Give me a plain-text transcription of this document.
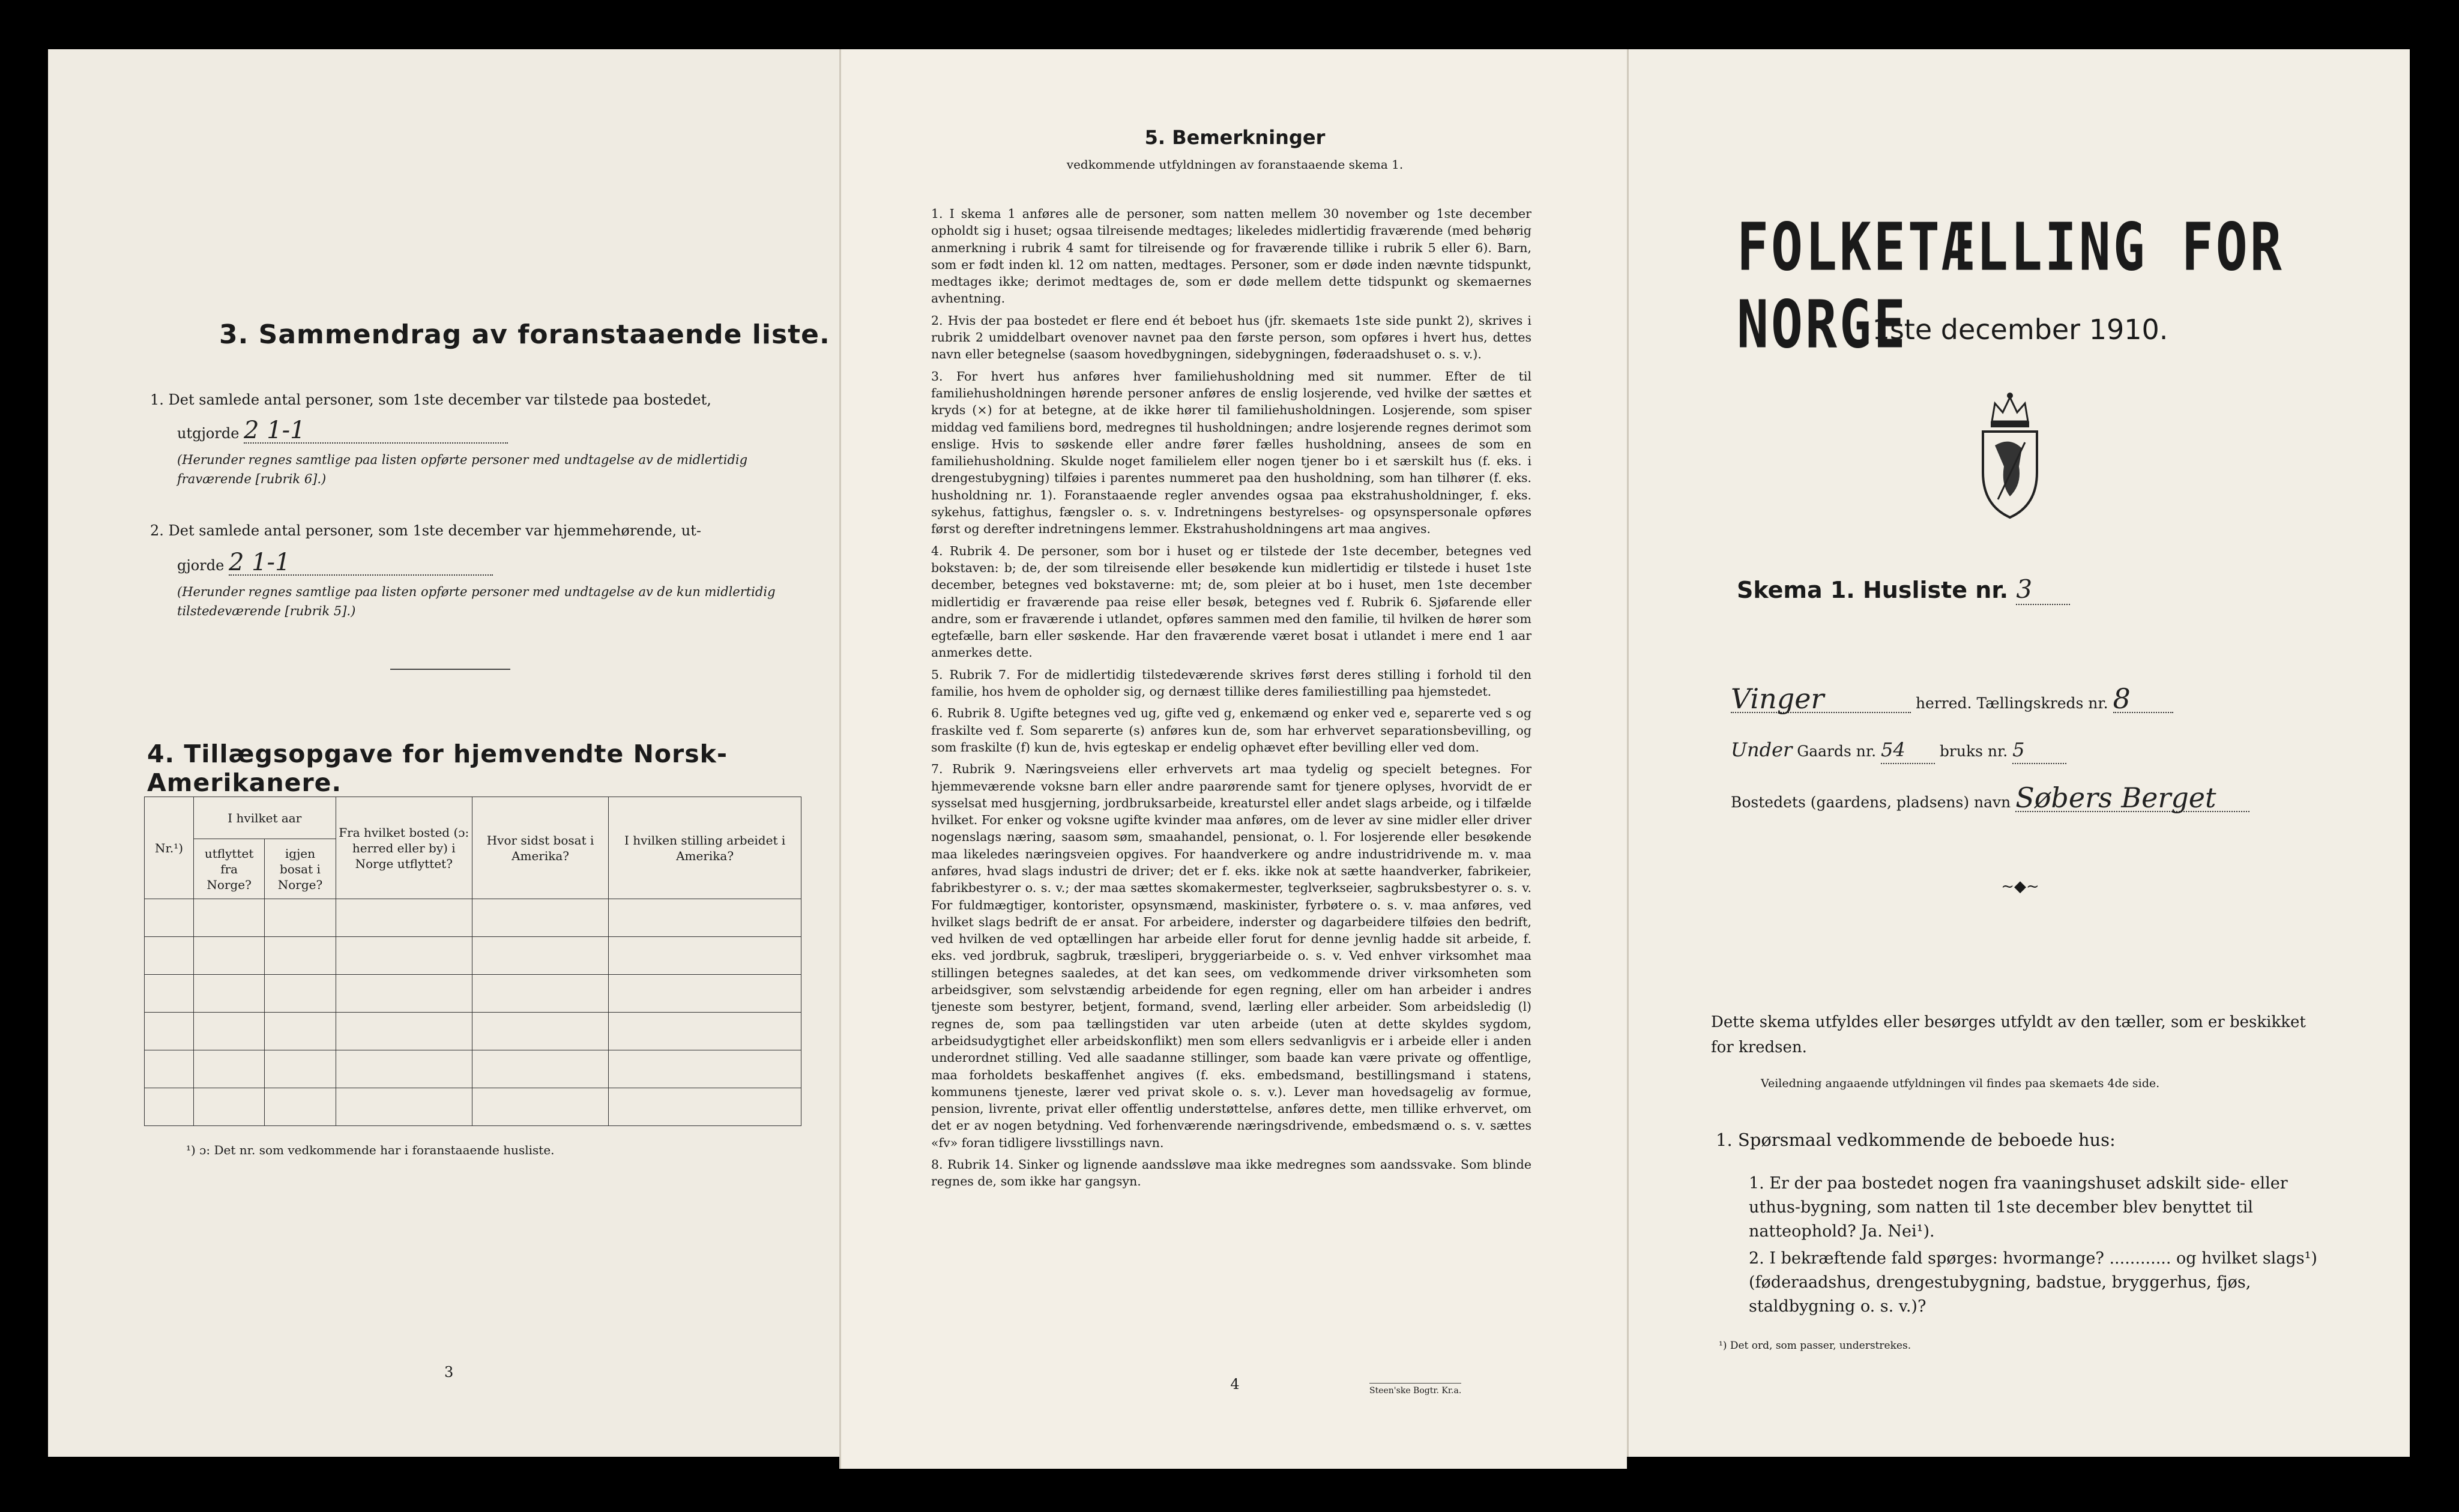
3. Sammendrag av foranstaaende liste.
1. Det samlede antal personer, som 1ste december var tilstede paa bostedet,
utgjorde 2 1-1
(Herunder regnes samtlige paa listen opførte personer med undtagelse av de midlertidig fraværende [rubrik 6].)
2. Det samlede antal personer, som 1ste december var hjemmehørende, ut-
gjorde 2 1-1
(Herunder regnes samtlige paa listen opførte personer med undtagelse av de kun midlertidig tilstedeværende [rubrik 5].)
4. Tillægsopgave for hjemvendte Norsk-Amerikanere.
Nr.¹)	I hvilket aar		Fra hvilket bosted (ɔ: herred eller by) i Norge utflyttet?	Hvor sidst bosat i Amerika?	I hvilken stilling arbeidet i Amerika?
	utflyttet fra Norge?	igjen bosat i Norge?			

¹) ɔ: Det nr. som vedkommende har i foranstaaende husliste.
3
5. Bemerkninger
vedkommende utfyldningen av foranstaaende skema 1.

1. I skema 1 anføres alle de personer, som natten mellem 30 november og 1ste december opholdt sig i huset; ogsaa tilreisende medtages; likeledes midlertidig fraværende (med behørig anmerkning i rubrik 4 samt for tilreisende og for fraværende tillike i rubrik 5 eller 6). Barn, som er født inden kl. 12 om natten, medtages. Personer, som er døde inden nævnte tidspunkt, medtages ikke; derimot medtages de, som er døde mellem dette tidspunkt og skemaernes avhentning.

2. Hvis der paa bostedet er flere end ét beboet hus (jfr. skemaets 1ste side punkt 2), skrives i rubrik 2 umiddelbart ovenover navnet paa den første person, som opføres i hvert hus, dettes navn eller betegnelse (saasom hovedbygningen, sidebygningen, føderaadshuset o. s. v.).

3. For hvert hus anføres hver familiehusholdning med sit nummer. Efter de til familiehusholdningen hørende personer anføres de enslig losjerende, ved hvilke der sættes et kryds (×) for at betegne, at de ikke hører til familiehusholdningen. Losjerende, som spiser middag ved familiens bord, medregnes til husholdningen; andre losjerende regnes derimot som enslige. Hvis to søskende eller andre fører fælles husholdning, ansees de som en familiehusholdning. Skulde noget familielem eller nogen tjener bo i et særskilt hus (f. eks. i drengestubygning) tilføies i parentes nummeret paa den husholdning, som han tilhører (f. eks. husholdning nr. 1). Foranstaaende regler anvendes ogsaa paa ekstrahusholdninger, f. eks. sykehus, fattighus, fængsler o. s. v. Indretningens bestyrelses- og opsynspersonale opføres først og derefter indretningens lemmer. Ekstrahusholdningens art maa angives.

4. Rubrik 4. De personer, som bor i huset og er tilstede der 1ste december, betegnes ved bokstaven: b; de, der som tilreisende eller besøkende kun midlertidig er tilstede i huset 1ste december, betegnes ved bokstaverne: mt; de, som pleier at bo i huset, men 1ste december midlertidig er fraværende paa reise eller besøk, betegnes ved f. Rubrik 6. Sjøfarende eller andre, som er fraværende i utlandet, opføres sammen med den familie, til hvilken de hører som egtefælle, barn eller søskende. Har den fraværende været bosat i utlandet i mere end 1 aar anmerkes dette.

5. Rubrik 7. For de midlertidig tilstedeværende skrives først deres stilling i forhold til den familie, hos hvem de opholder sig, og dernæst tillike deres familiestilling paa hjemstedet.

6. Rubrik 8. Ugifte betegnes ved ug, gifte ved g, enkemænd og enker ved e, separerte ved s og fraskilte ved f. Som separerte (s) anføres kun de, som har erhvervet separationsbevilling, og som fraskilte (f) kun de, hvis egteskap er endelig ophævet efter bevilling eller ved dom.

7. Rubrik 9. Næringsveiens eller erhvervets art maa tydelig og specielt betegnes. For hjemmeværende voksne barn eller andre paarørende samt for tjenere oplyses, hvorvidt de er sysselsat med husgjerning, jordbruksarbeide, kreaturstel eller andet slags arbeide, og i tilfælde hvilket. For enker og voksne ugifte kvinder maa anføres, om de lever av sine midler eller driver nogenslags næring, saasom søm, smaahandel, pensionat, o. l. For losjerende eller besøkende maa likeledes næringsveien opgives. For haandverkere og andre industridrivende m. v. maa anføres, hvad slags industri de driver; det er f. eks. ikke nok at sætte haandverker, fabrikeier, fabrikbestyrer o. s. v.; der maa sættes skomakermester, teglverkseier, sagbruksbestyrer o. s. v. For fuldmægtiger, kontorister, opsynsmænd, maskinister, fyrbøtere o. s. v. maa anføres, ved hvilket slags bedrift de er ansat. For arbeidere, inderster og dagarbeidere tilføies den bedrift, ved hvilken de ved optællingen har arbeide eller forut for denne jevnlig hadde sit arbeide, f. eks. ved jordbruk, sagbruk, træsliperi, bryggeriarbeide o. s. v. Ved enhver virksomhet maa stillingen betegnes saaledes, at det kan sees, om vedkommende driver virksomheten som arbeidsgiver, som selvstændig arbeidende for egen regning, eller om han arbeider i andres tjeneste som bestyrer, betjent, formand, svend, lærling eller arbeider. Som arbeidsledig (l) regnes de, som paa tællingstiden var uten arbeide (uten at dette skyldes sygdom, arbeidsudygtighet eller arbeidskonflikt) men som ellers sedvanligvis er i arbeide eller i anden underordnet stilling. Ved alle saadanne stillinger, som baade kan være private og offentlige, maa forholdets beskaffenhet angives (f. eks. embedsmand, bestillingsmand i statens, kommunens tjeneste, lærer ved privat skole o. s. v.). Lever man hovedsagelig av formue, pension, livrente, privat eller offentlig understøttelse, anføres dette, men tillike erhvervet, om det er av nogen betydning. Ved forhenværende næringsdrivende, embedsmænd o. s. v. sættes «fv» foran tidligere livsstillings navn.

8. Rubrik 14. Sinker og lignende aandssløve maa ikke medregnes som aandssvake. Som blinde regnes de, som ikke har gangsyn.

4	Steen'ske Bogtr. Kr.a.
FOLKETÆLLING FOR NORGE
1ste december 1910.
Skema 1. Husliste nr. 3
Vinger	herred. Tællingskreds nr. 8
Under Gaards nr. 54 bruks nr. 5
Bostedets (gaardens, pladsens) navn Søbers Berget
~◆~
Dette skema utfyldes eller besørges utfyldt av den tæller, som er beskikket for kredsen.
Veiledning angaaende utfyldningen vil findes paa skemaets 4de side.
1. Spørsmaal vedkommende de beboede hus:
1. Er der paa bostedet nogen fra vaaningshuset adskilt side- eller uthus-bygning, som natten til 1ste december blev benyttet til natteophold? Ja. Nei¹).
2. I bekræftende fald spørges: hvormange? ............ og hvilket slags¹) (føderaadshus, drengestubygning, badstue, bryggerhus, fjøs, staldbygning o. s. v.)?
¹) Det ord, som passer, understrekes.
